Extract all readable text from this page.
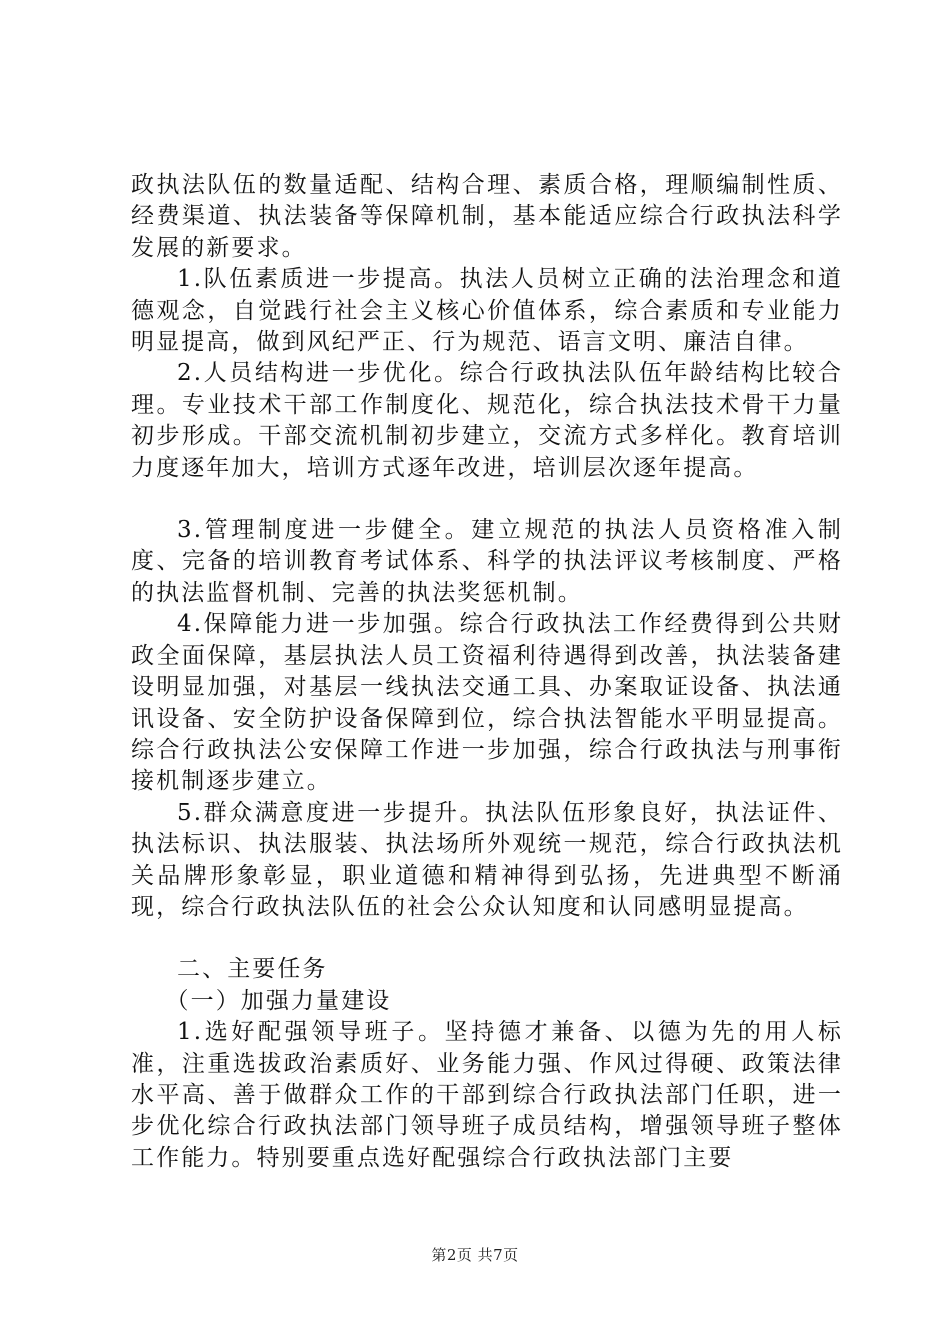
政执法队伍的数量适配、结构合理、素质合格，理顺编制性质、经费渠道、执法装备等保障机制，基本能适应综合行政执法科学发展的新要求。

1.队伍素质进一步提高。执法人员树立正确的法治理念和道德观念，自觉践行社会主义核心价值体系，综合素质和专业能力明显提高，做到风纪严正、行为规范、语言文明、廉洁自律。

2.人员结构进一步优化。综合行政执法队伍年龄结构比较合理。专业技术干部工作制度化、规范化，综合执法技术骨干力量初步形成。干部交流机制初步建立，交流方式多样化。教育培训力度逐年加大，培训方式逐年改进，培训层次逐年提高。

3.管理制度进一步健全。建立规范的执法人员资格准入制度、完备的培训教育考试体系、科学的执法评议考核制度、严格的执法监督机制、完善的执法奖惩机制。

4.保障能力进一步加强。综合行政执法工作经费得到公共财政全面保障，基层执法人员工资福利待遇得到改善，执法装备建设明显加强，对基层一线执法交通工具、办案取证设备、执法通讯设备、安全防护设备保障到位，综合执法智能水平明显提高。综合行政执法公安保障工作进一步加强，综合行政执法与刑事衔接机制逐步建立。

5.群众满意度进一步提升。执法队伍形象良好，执法证件、执法标识、执法服装、执法场所外观统一规范，综合行政执法机关品牌形象彰显，职业道德和精神得到弘扬，先进典型不断涌现，综合行政执法队伍的社会公众认知度和认同感明显提高。

二、主要任务

（一）加强力量建设

1.选好配强领导班子。坚持德才兼备、以德为先的用人标准，注重选拔政治素质好、业务能力强、作风过得硬、政策法律水平高、善于做群众工作的干部到综合行政执法部门任职，进一步优化综合行政执法部门领导班子成员结构，增强领导班子整体工作能力。特别要重点选好配强综合行政执法部门主要

第2页 共7页
